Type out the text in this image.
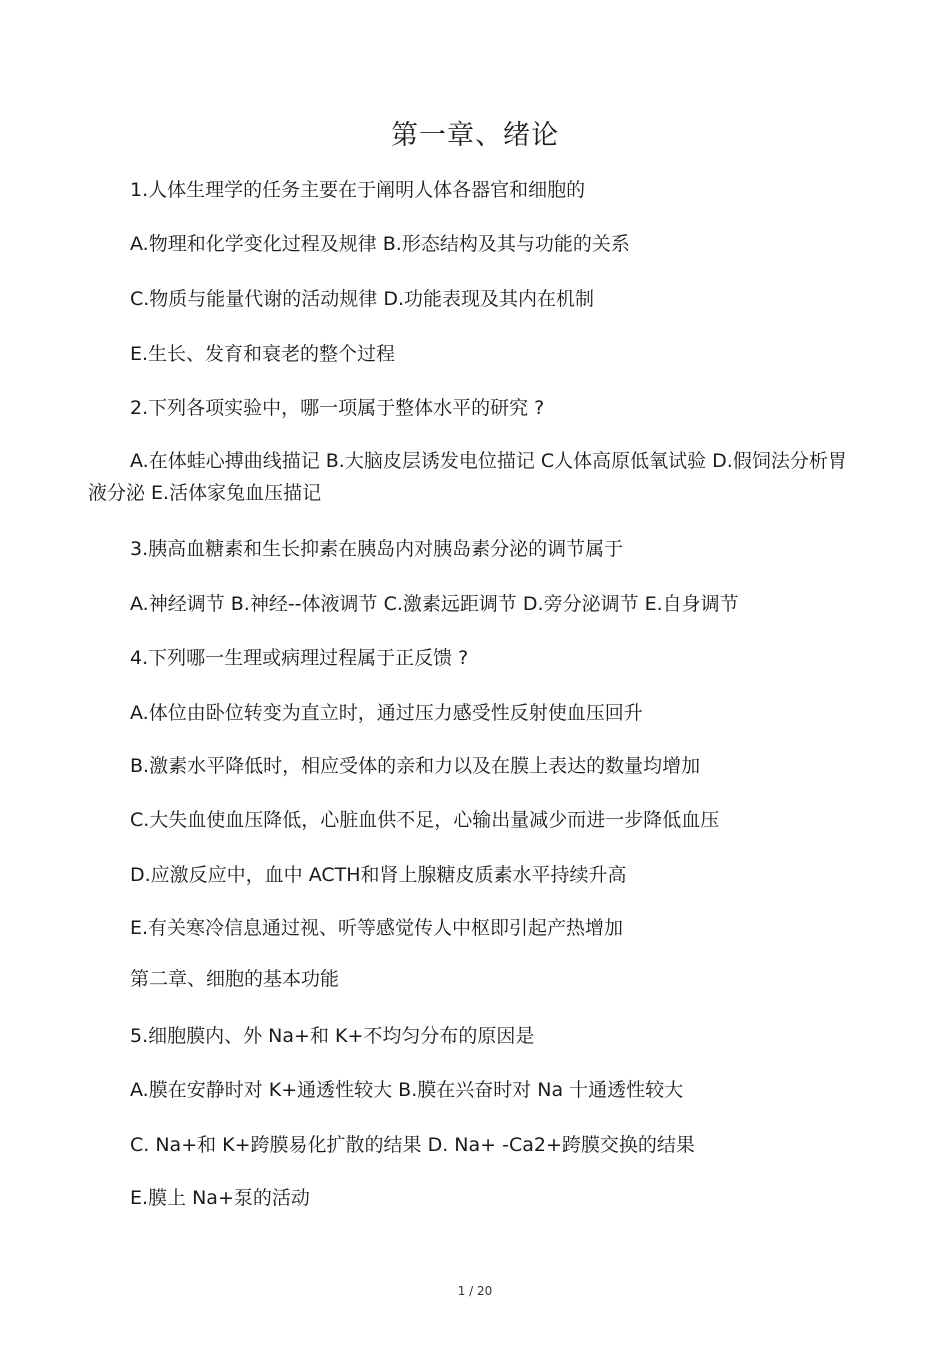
第一章、绪论
1.人体生理学的任务主要在于阐明人体各器官和细胞的
A.物理和化学变化过程及规律 B.形态结构及其与功能的关系
C.物质与能量代谢的活动规律 D.功能表现及其内在机制
E.生长、发育和衰老的整个过程
2.下列各项实验中，哪一项属于整体水平的研究 ?
A.在体蛙心搏曲线描记 B.大脑皮层诱发电位描记 C人体高原低氧试验 D.假饲法分析胃液分泌 E.活体家兔血压描记
3.胰高血糖素和生长抑素在胰岛内对胰岛素分泌的调节属于
A.神经调节 B.神经--体液调节 C.激素远距调节 D.旁分泌调节 E.自身调节
4.下列哪一生理或病理过程属于正反馈 ?
A.体位由卧位转变为直立时，通过压力感受性反射使血压回升
B.激素水平降低时，相应受体的亲和力以及在膜上表达的数量均增加
C.大失血使血压降低，心脏血供不足，心输出量减少而进一步降低血压
D.应激反应中，血中 ACTH和肾上腺糖皮质素水平持续升高
E.有关寒冷信息通过视、听等感觉传人中枢即引起产热增加
第二章、细胞的基本功能
5.细胞膜内、外 Na+和 K+不均匀分布的原因是
A.膜在安静时对 K+通透性较大 B.膜在兴奋时对 Na 十通透性较大
C. Na+和 K+跨膜易化扩散的结果 D. Na+ -Ca2+跨膜交换的结果
E.膜上 Na+泵的活动
1 / 20
